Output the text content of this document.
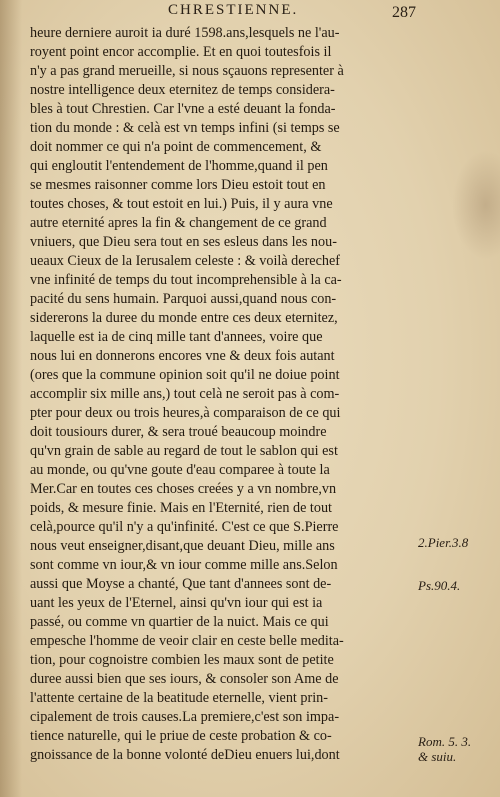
CHRESTIENNE.	287
heure derniere auroit ia duré 1598.ans,lesquels ne l'au-
royent point encor accomplie. Et en quoi toutesfois il
n'y a pas grand merueille, si nous sçauons representer à
nostre intelligence deux eternitez de temps considera-
bles à tout Chrestien. Car l'vne a esté deuant la fonda-
tion du monde : & celà est vn temps infini (si temps se
doit nommer ce qui n'a point de commencement, &
qui engloutit l'entendement de l'homme,quand il pen
se mesmes raisonner comme lors Dieu estoit tout en
toutes choses, & tout estoit en lui.) Puis, il y aura vne
autre eternité apres la fin & changement de ce grand
vniuers, que Dieu sera tout en ses esleus dans les nou-
ueaux Cieux de la Ierusalem celeste : & voilà derechef
vne infinité de temps du tout incomprehensible à la ca-
pacité du sens humain. Parquoi aussi,quand nous con-
sidererons la duree du monde entre ces deux eternitez,
laquelle est ia de cinq mille tant d'annees, voire que
nous lui en donnerons encores vne & deux fois autant
(ores que la commune opinion soit qu'il ne doiue point
accomplir six mille ans,) tout celà ne seroit pas à com-
pter pour deux ou trois heures,à comparaison de ce qui
doit tousiours durer, & sera troué beaucoup moindre
qu'vn grain de sable au regard de tout le sablon qui est
au monde, ou qu'vne goute d'eau comparee à toute la
Mer.Car en toutes ces choses creées y a vn nombre,vn
poids, & mesure finie. Mais en l'Eternité, rien de tout
celà,pource qu'il n'y a qu'infinité. C'est ce que S.Pierre
nous veut enseigner,disant,que deuant Dieu, mille ans
sont comme vn iour,& vn iour comme mille ans.Selon
aussi que Moyse a chanté, Que tant d'annees sont de-
uant les yeux de l'Eternel, ainsi qu'vn iour qui est ia
passé, ou comme vn quartier de la nuict. Mais ce qui
empesche l'homme de veoir clair en ceste belle medita-
tion, pour cognoistre combien les maux sont de petite
duree aussi bien que ses iours, & consoler son Ame de
l'attente certaine de la beatitude eternelle, vient prin-
cipalement de trois causes.La premiere,c'est son impa-
tience naturelle, qui le priue de ceste probation & co-
gnoissance de la bonne volonté deDieu enuers lui,dont
2.Pier.3.8
Ps.90.4.
Rom. 5. 3.
& suiu.
